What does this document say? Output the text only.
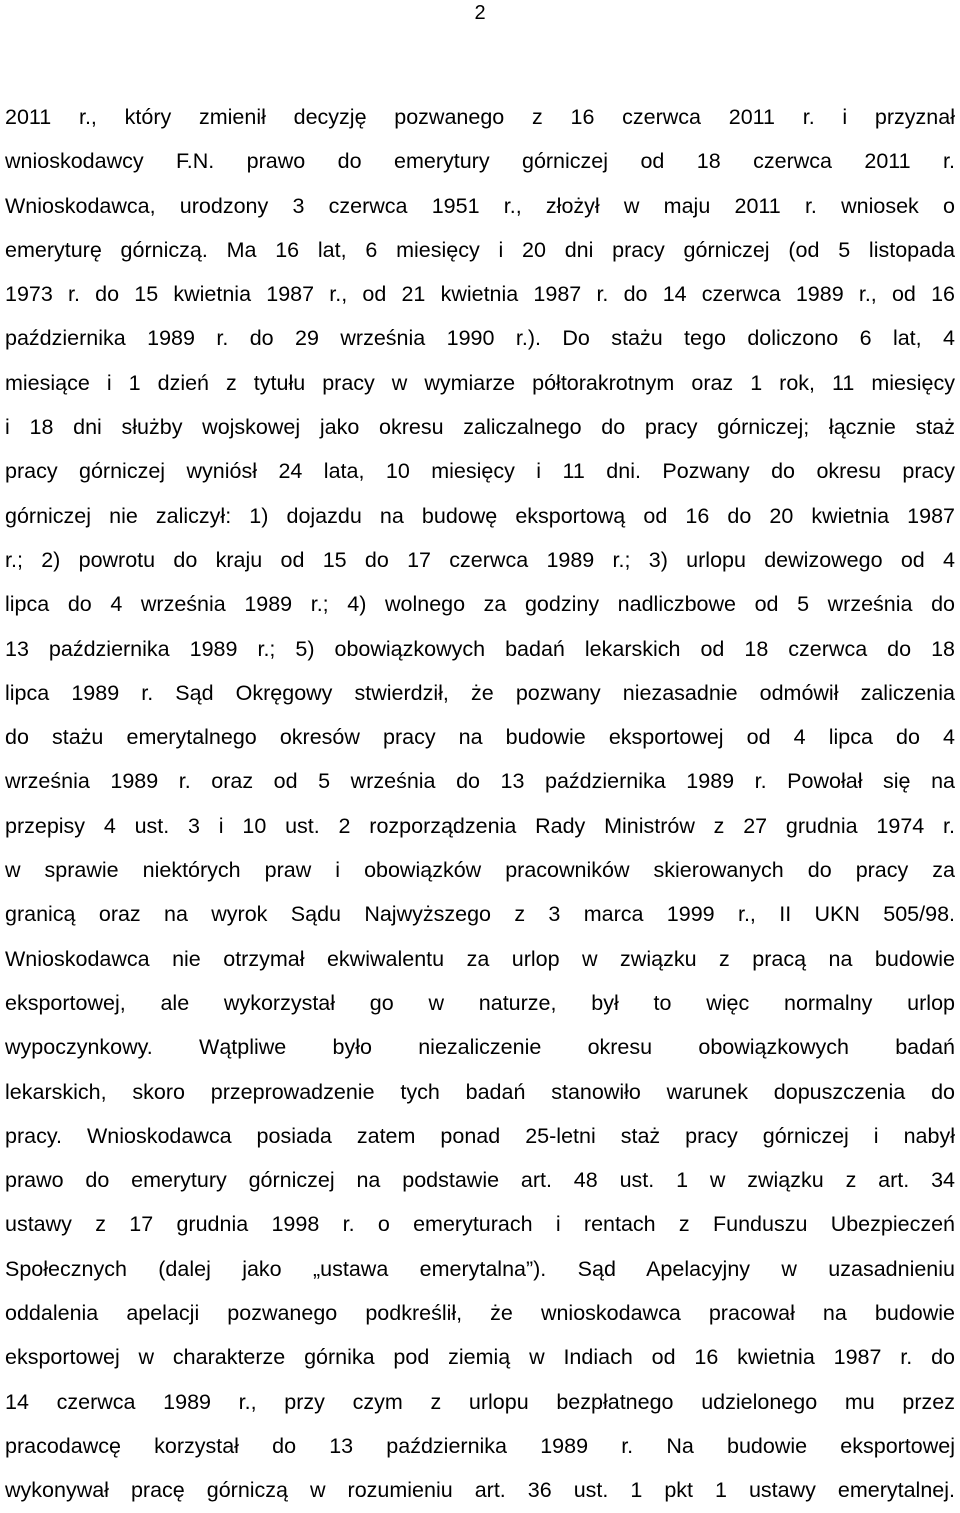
2
2011 r., który zmienił decyzję pozwanego z 16 czerwca 2011 r. i przyznał
wnioskodawcy F.N. prawo do emerytury górniczej od 18 czerwca 2011 r.
Wnioskodawca, urodzony 3 czerwca 1951 r., złożył w maju 2011 r. wniosek o
emeryturę górniczą. Ma 16 lat, 6 miesięcy i 20 dni pracy górniczej (od 5 listopada
1973 r. do 15 kwietnia 1987 r., od 21 kwietnia 1987 r. do 14 czerwca 1989 r., od 16
października 1989 r. do 29 września 1990 r.). Do stażu tego doliczono 6 lat, 4
miesiące i 1 dzień z tytułu pracy w wymiarze półtorakrotnym oraz 1 rok, 11 miesięcy
i 18 dni służby wojskowej jako okresu zaliczalnego do pracy górniczej; łącznie staż
pracy górniczej wyniósł 24 lata, 10 miesięcy i 11 dni. Pozwany do okresu pracy
górniczej nie zaliczył: 1) dojazdu na budowę eksportową od 16 do 20 kwietnia 1987
r.; 2) powrotu do kraju od 15 do 17 czerwca 1989 r.; 3) urlopu dewizowego od 4
lipca do 4 września 1989 r.; 4) wolnego za godziny nadliczbowe od 5 września do
13 października 1989 r.; 5) obowiązkowych badań lekarskich od 18 czerwca do 18
lipca 1989 r. Sąd Okręgowy stwierdził, że pozwany niezasadnie odmówił zaliczenia
do stażu emerytalnego okresów pracy na budowie eksportowej od 4 lipca do 4
września 1989 r. oraz od 5 września do 13 października 1989 r. Powołał się na
przepisy 4 ust. 3 i 10 ust. 2 rozporządzenia Rady Ministrów z 27 grudnia 1974 r.
w sprawie niektórych praw i obowiązków pracowników skierowanych do pracy za
granicą oraz na wyrok Sądu Najwyższego z 3 marca 1999 r., II UKN 505/98.
Wnioskodawca nie otrzymał ekwiwalentu za urlop w związku z pracą na budowie
eksportowej, ale wykorzystał go w naturze, był to więc normalny urlop
wypoczynkowy. Wątpliwe było niezaliczenie okresu obowiązkowych badań
lekarskich, skoro przeprowadzenie tych badań stanowiło warunek dopuszczenia do
pracy. Wnioskodawca posiada zatem ponad 25-letni staż pracy górniczej i nabył
prawo do emerytury górniczej na podstawie art. 48 ust. 1 w związku z art. 34
ustawy z 17 grudnia 1998 r. o emeryturach i rentach z Funduszu Ubezpieczeń
Społecznych (dalej jako „ustawa emerytalna”). Sąd Apelacyjny w uzasadnieniu
oddalenia apelacji pozwanego podkreślił, że wnioskodawca pracował na budowie
eksportowej w charakterze górnika pod ziemią w Indiach od 16 kwietnia 1987 r. do
14 czerwca 1989 r., przy czym z urlopu bezpłatnego udzielonego mu przez
pracodawcę korzystał do 13 października 1989 r. Na budowie eksportowej
wykonywał pracę górniczą w rozumieniu art. 36 ust. 1 pkt 1 ustawy emerytalnej.
